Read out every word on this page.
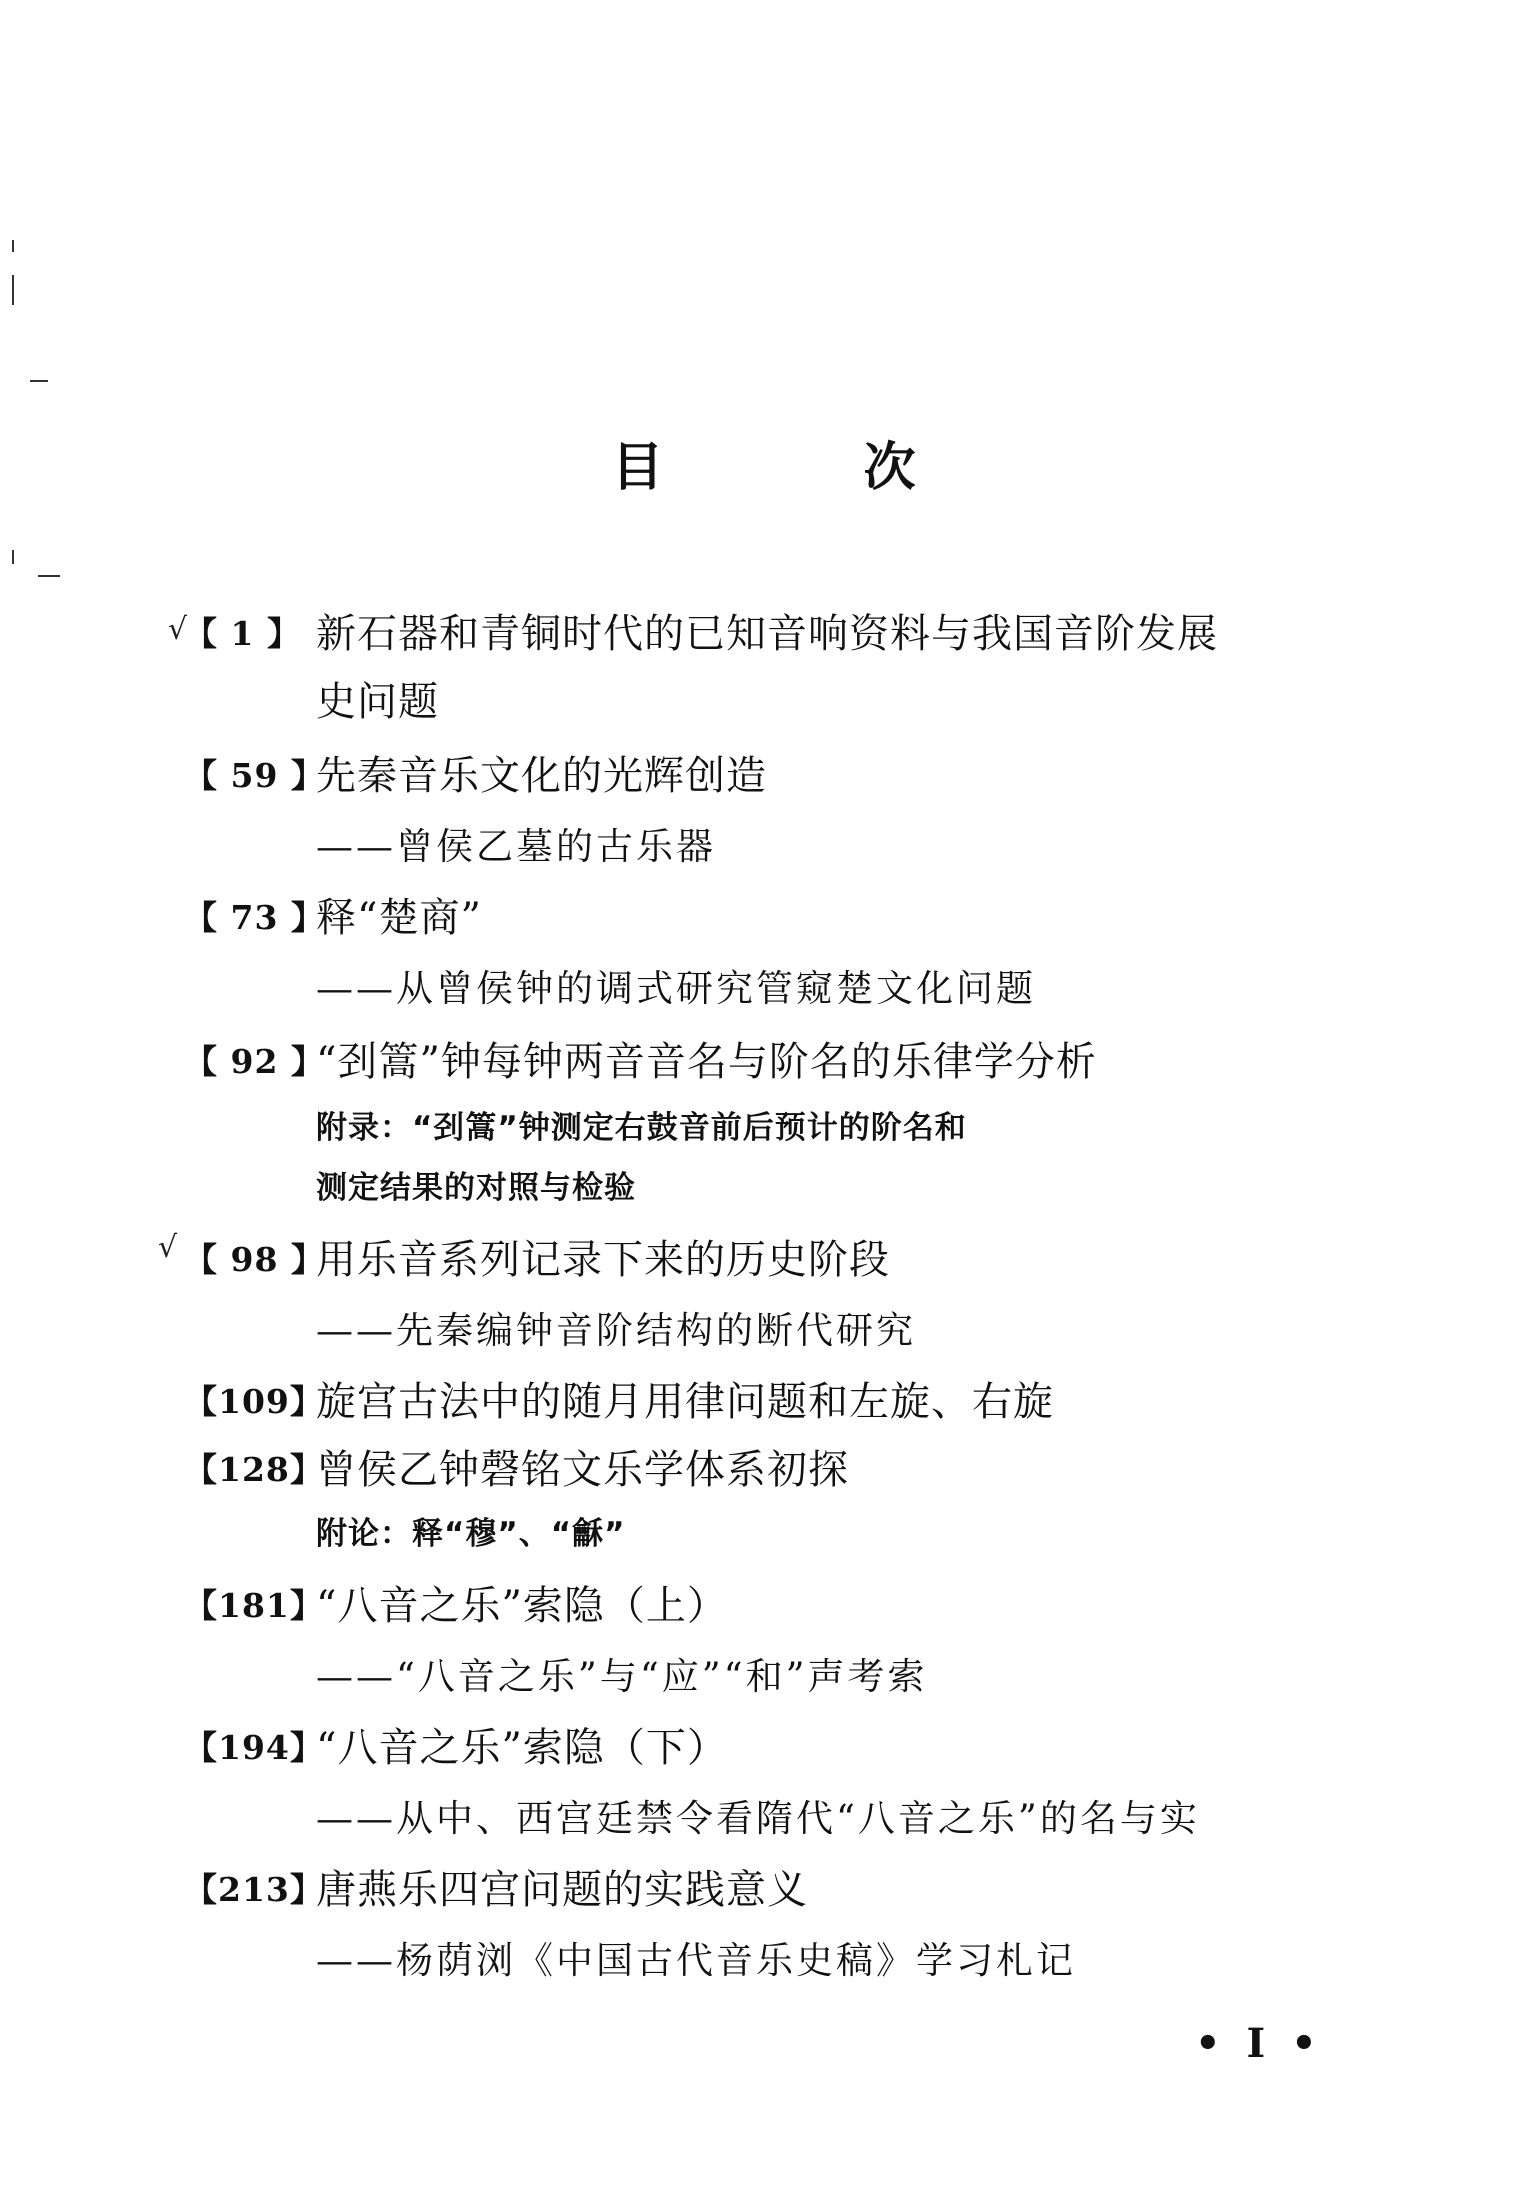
目	次
√
【 1 】 新石器和青铜时代的已知音响资料与我国音阶发展
史问题
【 59 】
先秦音乐文化的光辉创造
——曾侯乙墓的古乐器
【 73 】
释“楚商”
——从曾侯钟的调式研究管窥楚文化问题
【 92 】
“刭篙”钟每钟两音音名与阶名的乐律学分析
附录：“刭篙”钟测定右鼓音前后预计的阶名和
测定结果的对照与检验
√ 【 98 】
用乐音系列记录下来的历史阶段
——先秦编钟音阶结构的断代研究
【109】
旋宫古法中的随月用律问题和左旋、右旋
【128】
曾侯乙钟磬铭文乐学体系初探
附论：释“穆”、“龢”
【181】
“八音之乐”索隐（上）
——“八音之乐”与“应”“和”声考索
【194】
“八音之乐”索隐（下）
——从中、西宫廷禁令看隋代“八音之乐”的名与实
【213】
唐燕乐四宫问题的实践意义
——杨荫浏《中国古代音乐史稿》学习札记
• I •
